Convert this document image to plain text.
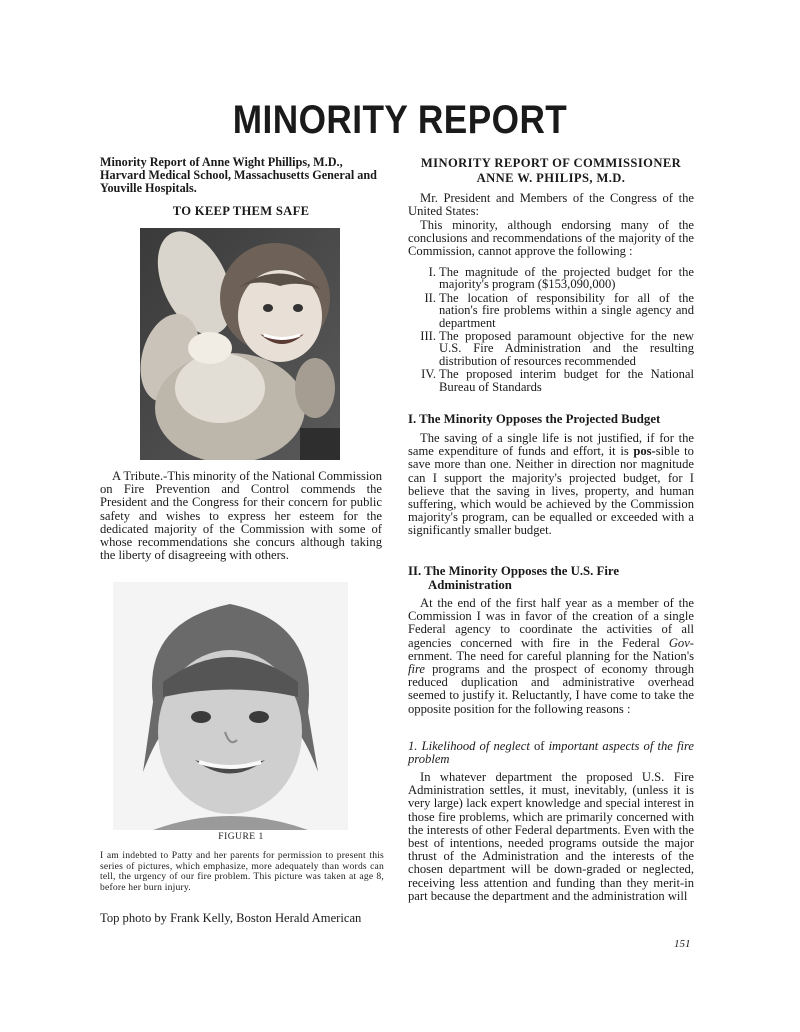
MINORITY REPORT
Minority Report of Anne Wight Phillips, M.D., Harvard Medical School, Massachusetts General and Youville Hospitals.
TO KEEP THEM SAFE
A Tribute.-This minority of the National Commission on Fire Prevention and Control commends the President and the Congress for their concern for public safety and wishes to express her esteem for the dedicated majority of the Commission with some of whose recommendations she concurs although taking the liberty of disagreeing with others.
FIGURE 1
I am indebted to Patty and her parents for permission to present this series of pictures, which emphasize, more adequately than words can tell, the urgency of our fire problem. This picture was taken at age 8, before her burn injury.
Top photo by Frank Kelly, Boston Herald American
MINORITY REPORT OF COMMISSIONER
ANNE W. PHILIPS, M.D.
Mr. President and Members of the Congress of the United States:
This minority, although endorsing many of the conclusions and recommendations of the majority of the Commission, cannot approve the following :
I. The magnitude of the projected budget for the majority's program ($153,090,000)
II. The location of responsibility for all of the nation's fire problems within a single agency and department
III. The proposed paramount objective for the new U.S. Fire Administration and the resulting distribution of resources recommended
IV. The proposed interim budget for the National Bureau of Standards
I. The Minority Opposes the Projected Budget
The saving of a single life is not justified, if for the same expenditure of funds and effort, it is pos-sible to save more than one. Neither in direction nor magnitude can I support the majority's projected budget, for I believe that the saving in lives, property, and human suffering, which would be achieved by the Commission majority's program, can be equalled or exceeded with a significantly smaller budget.
II. The Minority Opposes the U.S. Fire
Administration
At the end of the first half year as a member of the Commission I was in favor of the creation of a single Federal agency to coordinate the activities of all agencies concerned with fire in the Federal Gov-ernment. The need for careful planning for the Nation's fire programs and the prospect of economy through reduced duplication and administrative overhead seemed to justify it. Reluctantly, I have come to take the opposite position for the following reasons :
1. Likelihood of neglect of important aspects of the fire problem
In whatever department the proposed U.S. Fire Administration settles, it must, inevitably, (unless it is very large) lack expert knowledge and special interest in those fire problems, which are primarily concerned with the interests of other Federal departments. Even with the best of intentions, needed programs outside the major thrust of the Administration and the interests of the chosen department will be down-graded or neglected, receiving less attention and funding than they merit-in part because the department and the administration will
151
